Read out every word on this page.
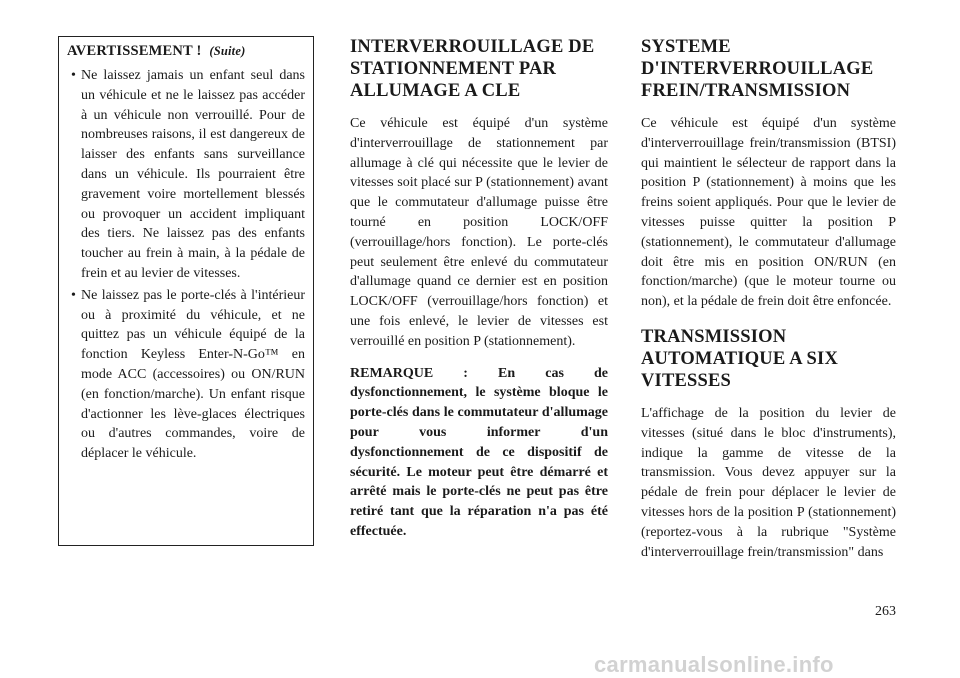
AVERTISSEMENT ! (Suite)
• Ne laissez jamais un enfant seul dans un véhicule et ne le laissez pas accéder à un véhicule non verrouillé. Pour de nombreuses raisons, il est dangereux de laisser des enfants sans surveillance dans un véhicule. Ils pourraient être gravement voire mortellement blessés ou provoquer un accident impliquant des tiers. Ne laissez pas des enfants toucher au frein à main, à la pédale de frein et au levier de vitesses.
• Ne laissez pas le porte-clés à l'intérieur ou à proximité du véhicule, et ne quittez pas un véhicule équipé de la fonction Keyless Enter-N-Go™ en mode ACC (accessoires) ou ON/RUN (en fonction/marche). Un enfant risque d'actionner les lève-glaces électriques ou d'autres commandes, voire de déplacer le véhicule.
INTERVERROUILLAGE DE STATIONNEMENT PAR ALLUMAGE A CLE

Ce véhicule est équipé d'un système d'interverrouillage de stationnement par allumage à clé qui nécessite que le levier de vitesses soit placé sur P (stationnement) avant que le commutateur d'allumage puisse être tourné en position LOCK/OFF (verrouillage/hors fonction). Le porte-clés peut seulement être enlevé du commutateur d'allumage quand ce dernier est en position LOCK/OFF (verrouillage/hors fonction) et une fois enlevé, le levier de vitesses est verrouillé en position P (stationnement).

REMARQUE : En cas de dysfonctionnement, le système bloque le porte-clés dans le commutateur d'allumage pour vous informer d'un dysfonctionnement de ce dispositif de sécurité. Le moteur peut être démarré et arrêté mais le porte-clés ne peut pas être retiré tant que la réparation n'a pas été effectuée.

SYSTEME D'INTERVERROUILLAGE FREIN/TRANSMISSION

Ce véhicule est équipé d'un système d'interverrouillage frein/transmission (BTSI) qui maintient le sélecteur de rapport dans la position P (stationnement) à moins que les freins soient appliqués. Pour que le levier de vitesses puisse quitter la position P (stationnement), le commutateur d'allumage doit être mis en position ON/RUN (en fonction/marche) (que le moteur tourne ou non), et la pédale de frein doit être enfoncée.

TRANSMISSION AUTOMATIQUE A SIX VITESSES

L'affichage de la position du levier de vitesses (situé dans le bloc d'instruments), indique la gamme de vitesse de la transmission. Vous devez appuyer sur la pédale de frein pour déplacer le levier de vitesses hors de la position P (stationnement) (reportez-vous à la rubrique "Système d'interverrouillage frein/transmission" dans

263
carmanualsonline.info
